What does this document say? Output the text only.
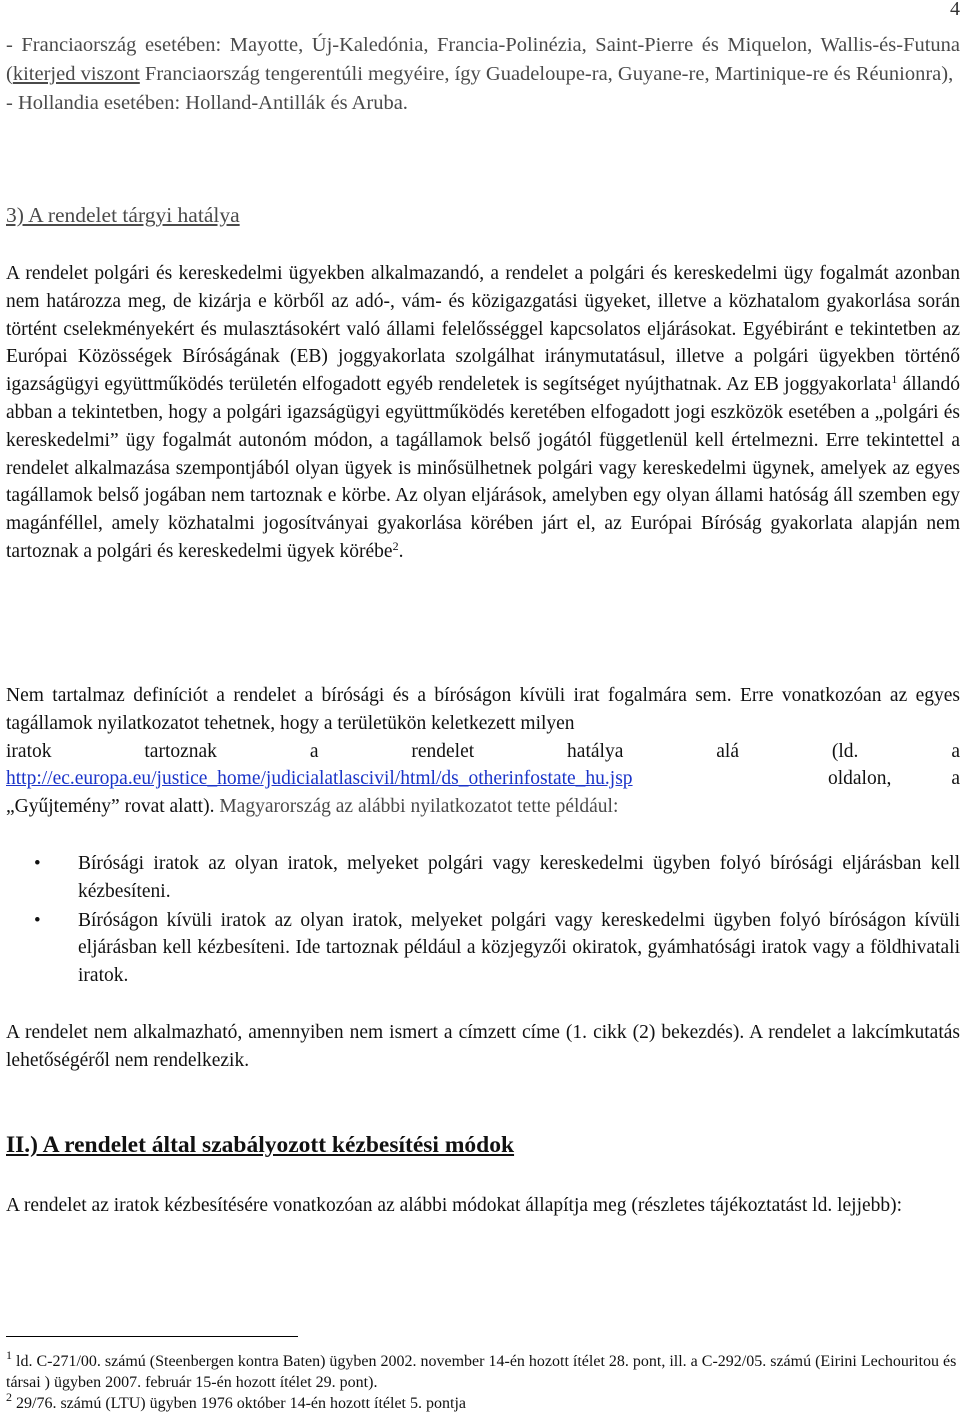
4

- Franciaország esetében: Mayotte, Új-Kaledónia, Francia-Polinézia, Saint-Pierre és Miquelon, Wallis-és-Futuna (kiterjed viszont Franciaország tengerentúli megyéire, így Guadeloupe-ra, Guyane-re, Martinique-re és Réunionra),

- Hollandia esetében: Holland-Antillák és Aruba.

3) A rendelet tárgyi hatálya

A rendelet polgári és kereskedelmi ügyekben alkalmazandó, a rendelet a polgári és kereskedelmi ügy fogalmát azonban nem határozza meg, de kizárja e körből az adó-, vám- és közigazgatási ügyeket, illetve a közhatalom gyakorlása során történt cselekményekért és mulasztásokért való állami felelősséggel kapcsolatos eljárásokat. Egyébiránt e tekintetben az Európai Közösségek Bíróságának (EB) joggyakorlata szolgálhat iránymutatásul, illetve a polgári ügyekben történő igazságügyi együttműködés területén elfogadott egyéb rendeletek is segítséget nyújthatnak. Az EB joggyakorlata$^1$ állandó abban a tekintetben, hogy a polgári igazságügyi együttműködés keretében elfogadott jogi eszközök esetében a „polgári és kereskedelmi” ügy fogalmát autonóm módon, a tagállamok belső jogától függetlenül kell értelmezni. Erre tekintettel a rendelet alkalmazása szempontjából olyan ügyek is minősülhetnek polgári vagy kereskedelmi ügynek, amelyek az egyes tagállamok belső jogában nem tartoznak e körbe. Az olyan eljárások, amelyben egy olyan állami hatóság áll szemben egy magánféllel, amely közhatalmi jogosítványai gyakorlása körében járt el, az Európai Bíróság gyakorlata alapján nem tartoznak a polgári és kereskedelmi ügyek körébe$^2$.

Nem tartalmaz definíciót a rendelet a bírósági és a bíróságon kívüli irat fogalmára sem. Erre vonatkozóan az egyes tagállamok nyilatkozatot tehetnek, hogy a területükön keletkezett milyen

iratok	tartoznak	a	rendelet	hatálya	alá	(ld.	a
http://ec.europa.eu/justice_home/judicialatlascivil/html/ds_otherinfostate_hu.jsp	oldalon,	a

„Gyűjtemény” rovat alatt). Magyarország az alábbi nyilatkozatot tette például:

• Bírósági iratok az olyan iratok, melyeket polgári vagy kereskedelmi ügyben folyó bírósági eljárásban kell kézbesíteni.
• Bíróságon kívüli iratok az olyan iratok, melyeket polgári vagy kereskedelmi ügyben folyó bíróságon kívüli eljárásban kell kézbesíteni. Ide tartoznak például a közjegyzői okiratok, gyámhatósági iratok vagy a földhivatali iratok.

A rendelet nem alkalmazható, amennyiben nem ismert a címzett címe (1. cikk (2) bekezdés). A rendelet a lakcímkutatás lehetőségéről nem rendelkezik.

II.) A rendelet által szabályozott kézbesítési módok

A rendelet az iratok kézbesítésére vonatkozóan az alábbi módokat állapítja meg (részletes tájékoztatást ld. lejjebb):

$^1$ ld. C-271/00. számú (Steenbergen kontra Baten) ügyben 2002. november 14-én hozott ítélet 28. pont, ill. a C-292/05. számú (Eirini Lechouritou és társai ) ügyben 2007. február 15-én hozott ítélet 29. pont).

$^2$ 29/76. számú (LTU) ügyben 1976 október 14-én hozott ítélet 5. pontja
